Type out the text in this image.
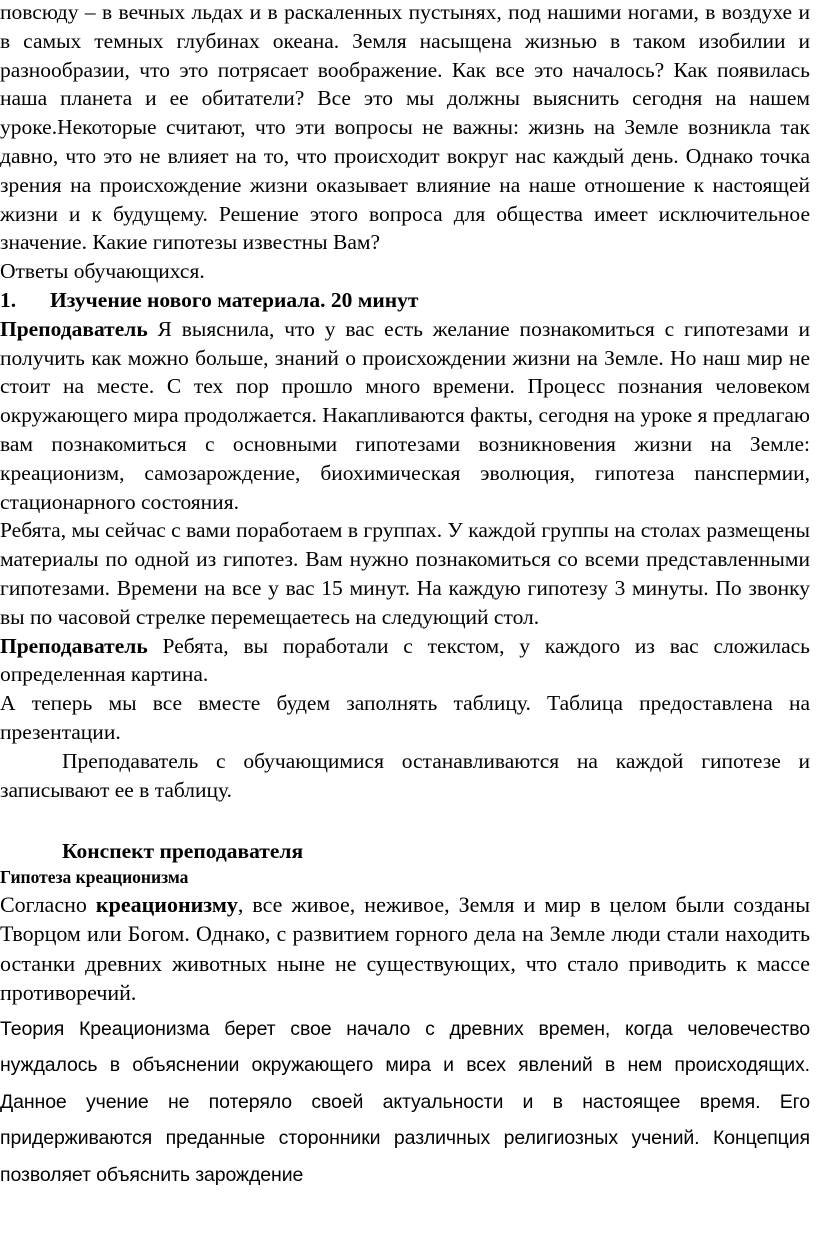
повсюду – в вечных льдах и в раскаленных пустынях, под нашими ногами, в воздухе и в самых темных глубинах океана. Земля насыщена жизнью в таком изобилии и разнообразии, что это потрясает воображение. Как все это началось? Как появилась наша планета и ее обитатели? Все это мы должны выяснить сегодня на нашем уроке.Некоторые считают, что эти вопросы не важны: жизнь на Земле возникла так давно, что это не влияет на то, что происходит вокруг нас каждый день. Однако точка зрения на происхождение жизни оказывает влияние на наше отношение к настоящей жизни и к будущему. Решение этого вопроса для общества имеет исключительное значение. Какие гипотезы известны Вам?

Ответы обучающихся.

1.	Изучение нового материала. 20 минут

Преподаватель Я выяснила, что у вас есть желание познакомиться с гипотезами и получить как можно больше, знаний о происхождении жизни на Земле. Но наш мир не стоит на месте. С тех пор прошло много времени. Процесс познания человеком окружающего мира продолжается. Накапливаются факты, сегодня на уроке я предлагаю вам познакомиться с основными гипотезами возникновения жизни на Земле: креационизм, самозарождение, биохимическая эволюция, гипотеза панспермии, стационарного состояния.

Ребята, мы сейчас с вами поработаем в группах. У каждой группы на столах размещены материалы по одной из гипотез. Вам нужно познакомиться со всеми представленными гипотезами. Времени на все у вас 15 минут. На каждую гипотезу 3 минуты. По звонку вы по часовой стрелке перемещаетесь на следующий стол.

Преподаватель Ребята, вы поработали с текстом, у каждого из вас сложилась определенная картина.

А теперь мы все вместе будем заполнять таблицу. Таблица предоставлена на презентации.

Преподаватель с обучающимися останавливаются на каждой гипотезе и записывают ее в таблицу.

Конспект преподавателя

Гипотеза креационизма

Согласно креационизму, все живое, неживое, Земля и мир в целом были созданы Творцом или Богом. Однако, с развитием горного дела на Земле люди стали находить останки древних животных ныне не существующих, что стало приводить к массе противоречий.

Теория Креационизма берет свое начало с древних времен, когда человечество нуждалось в объяснении окружающего мира и всех явлений в нем происходящих. Данное учение не потеряло своей актуальности и в настоящее время. Его придерживаются преданные сторонники различных религиозных учений. Концепция позволяет объяснить зарождение
